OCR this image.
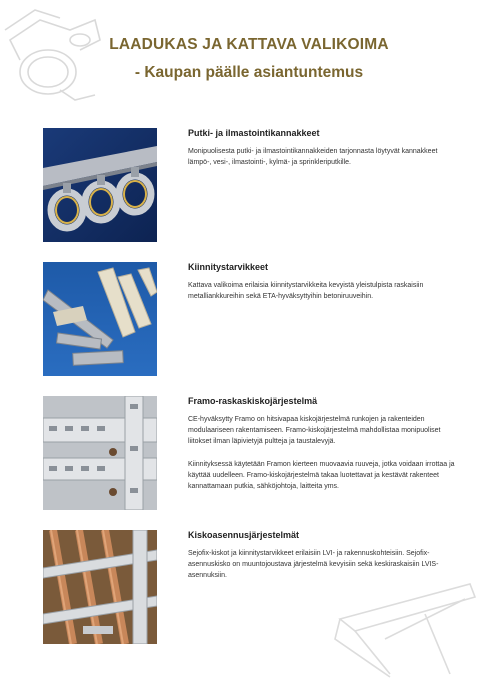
LAADUKAS JA KATTAVA VALIKOIMA
- Kaupan päälle asiantuntemus
Putki- ja ilmastointikannakkeet

Monipuolisesta putki- ja ilmastointikannakkeiden tarjonnasta löytyvät kannakkeet lämpö-, vesi-, ilmastointi-, kylmä- ja sprinkleriputkille.

Kiinnitystarvikkeet

Kattava valikoima erilaisia kiinnitystarvikkeita kevyistä yleistulpista raskaisiin metalliankkureihin sekä ETA-hyväksyttyihin betoniruuveihin.

Framo-raskaskiskojärjestelmä

CE-hyväksytty Framo on hitsivapaa kiskojärjestelmä runkojen ja rakenteiden modulaariseen rakentamiseen. Framo-kiskojärjestelmä mahdollistaa monipuoliset liitokset ilman läpivietyjä pultteja ja taustalevyjä.

Kiinnityksessä käytetään Framon kierteen muovaavia ruuveja, jotka voidaan irrottaa ja käyttää uudelleen. Framo-kiskojärjestelmä takaa luotettavat ja kestävät rakenteet kannattamaan putkia, sähköjohtoja, laitteita yms.

Kiskoasennusjärjestelmät

Sejofix-kiskot ja kiinnitystarvikkeet erilaisiin LVI- ja rakennuskohteisiin. Sejofix-asennuskisko on muuntojoustava järjestelmä kevyisiin sekä keskiraskaisiin LVIS-asennuksiin.
